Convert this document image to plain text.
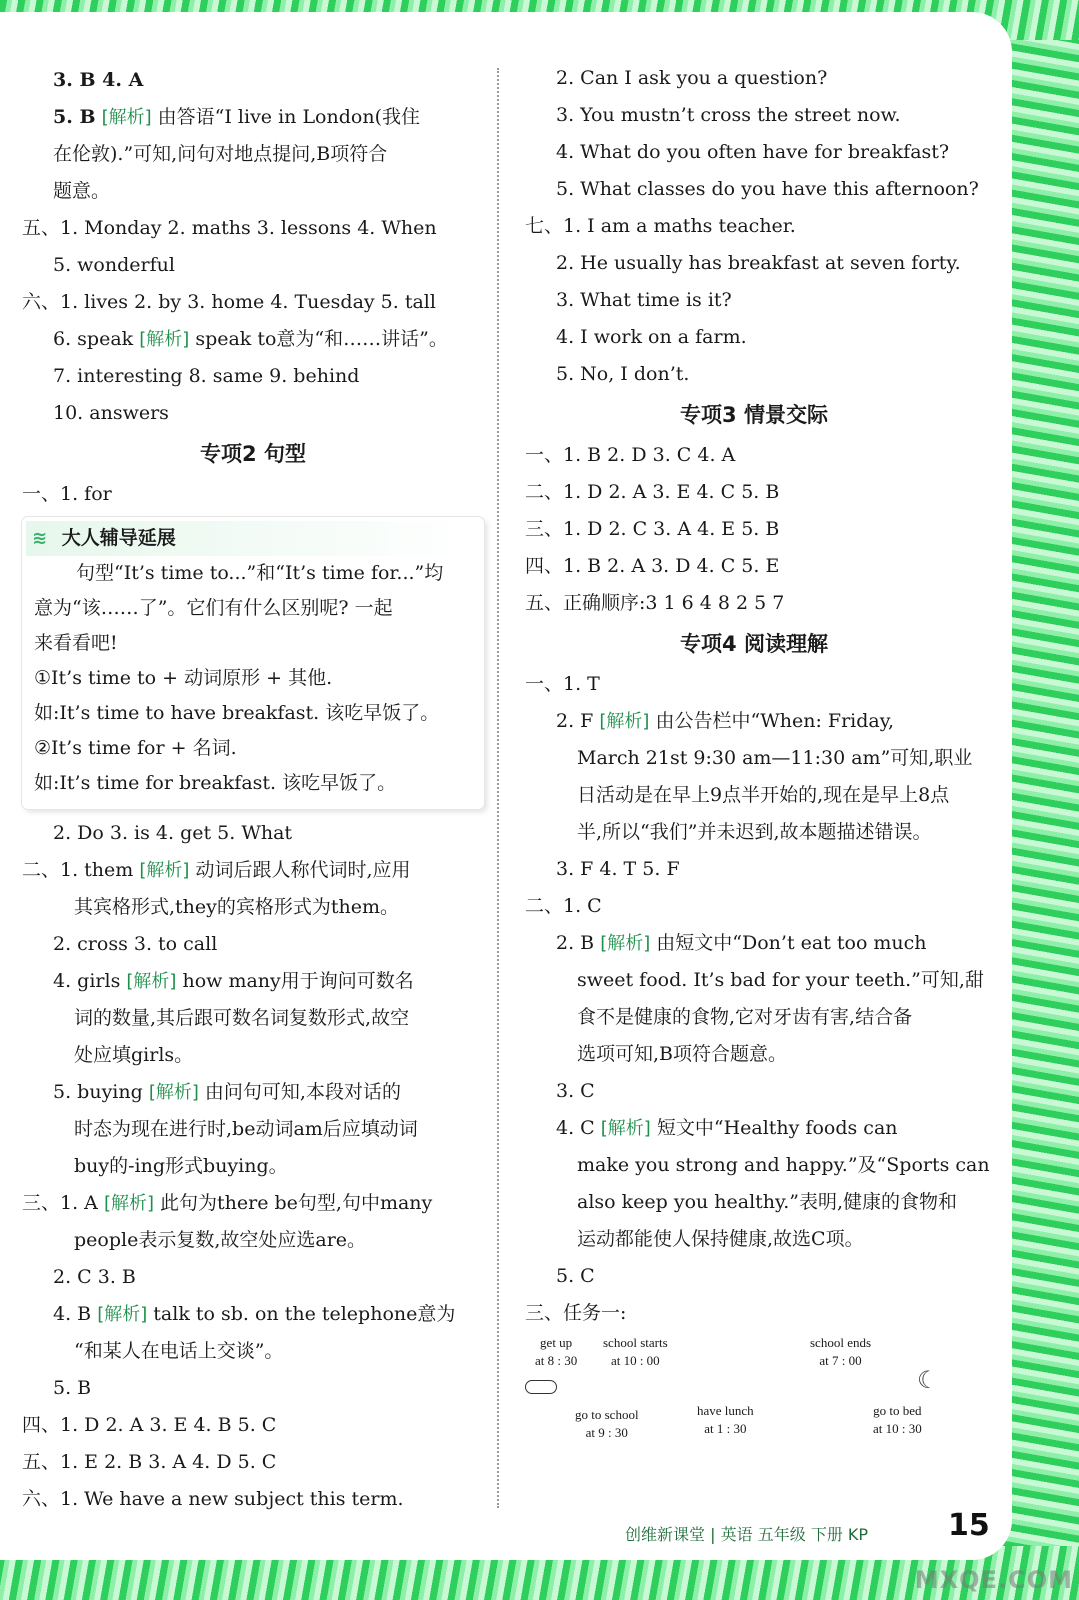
3. B 4. A
5. B [解析] 由答语“I live in London(我住
在伦敦).”可知,问句对地点提问,B项符合
题意。
五、1. Monday 2. maths 3. lessons 4. When
5. wonderful
六、1. lives 2. by 3. home 4. Tuesday 5. tall
6. speak [解析] speak to意为“和……讲话”。
7. interesting 8. same 9. behind
10. answers
专项2 句型
一、1. for
≋ 大人辅导延展
句型“It’s time to...”和“It’s time for...”均
意为“该……了”。它们有什么区别呢? 一起
来看看吧!
①It’s time to + 动词原形 + 其他.
如:It’s time to have breakfast. 该吃早饭了。
②It’s time for + 名词.
如:It’s time for breakfast. 该吃早饭了。
2. Do 3. is 4. get 5. What
二、1. them [解析] 动词后跟人称代词时,应用
其宾格形式,they的宾格形式为them。
2. cross 3. to call
4. girls [解析] how many用于询问可数名
词的数量,其后跟可数名词复数形式,故空
处应填girls。
5. buying [解析] 由问句可知,本段对话的
时态为现在进行时,be动词am后应填动词
buy的-ing形式buying。
三、1. A [解析] 此句为there be句型,句中many
people表示复数,故空处应选are。
2. C 3. B
4. B [解析] talk to sb. on the telephone意为
“和某人在电话上交谈”。
5. B
四、1. D 2. A 3. E 4. B 5. C
五、1. E 2. B 3. A 4. D 5. C
六、1. We have a new subject this term.
2. Can I ask you a question?
3. You mustn’t cross the street now.
4. What do you often have for breakfast?
5. What classes do you have this afternoon?
七、1. I am a maths teacher.
2. He usually has breakfast at seven forty.
3. What time is it?
4. I work on a farm.
5. No, I don’t.
专项3 情景交际
一、1. B 2. D 3. C 4. A
二、1. D 2. A 3. E 4. C 5. B
三、1. D 2. C 3. A 4. E 5. B
四、1. B 2. A 3. D 4. C 5. E
五、正确顺序:3 1 6 4 8 2 5 7
专项4 阅读理解
一、1. T
2. F [解析] 由公告栏中“When: Friday,
March 21st 9:30 am—11:30 am”可知,职业
日活动是在早上9点半开始的,现在是早上8点
半,所以“我们”并未迟到,故本题描述错误。
3. F 4. T 5. F
二、1. C
2. B [解析] 由短文中“Don’t eat too much
sweet food. It’s bad for your teeth.”可知,甜
食不是健康的食物,它对牙齿有害,结合备
选项可知,B项符合题意。
3. C
4. C [解析] 短文中“Healthy foods can
make you strong and happy.”及“Sports can
also keep you healthy.”表明,健康的食物和
运动都能使人保持健康,故选C项。
5. C
三、任务一:
☾
get up
at 8 : 30
school starts
at 10 : 00
school ends
at 7 : 00
go to school
at 9 : 30
have lunch
at 1 : 30
go to bed
at 10 : 30
创维新课堂 | 英语 五年级 下册 KP	15
MXQE.COM
